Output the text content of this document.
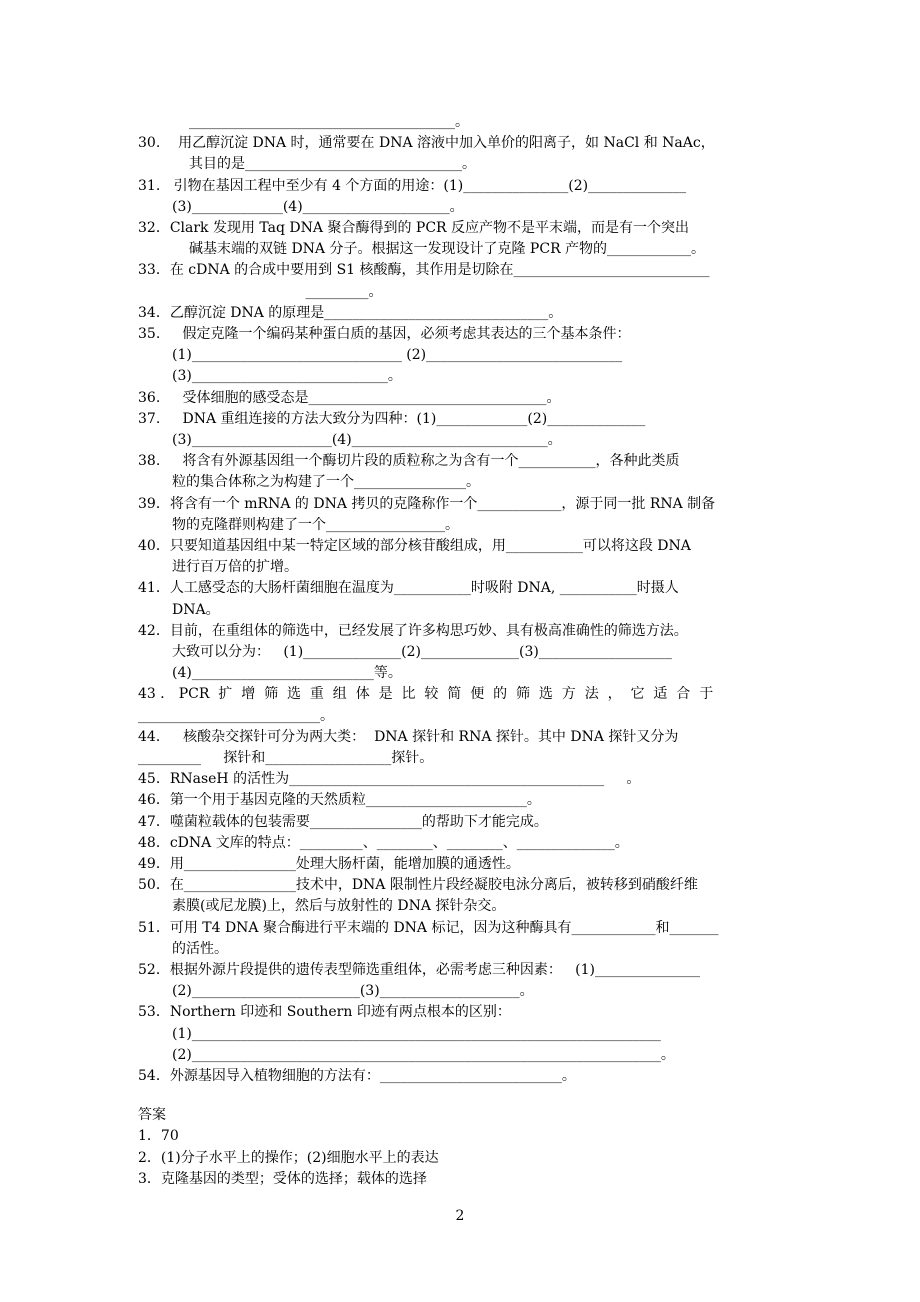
______________________________________。
30.    用乙醇沉淀 DNA 时，通常要在 DNA 溶液中加入单价的阳离子，如 NaCl 和 NaAc，
其目的是_______________________________。
31.   引物在基因工程中至少有 4 个方面的用途：(1)_______________(2)______________
(3)_____________(4)_____________________。
32．Clark 发现用 Taq DNA 聚合酶得到的 PCR 反应产物不是平末端，而是有一个突出
碱基末端的双链 DNA 分子。根据这一发现设计了克隆 PCR 产物的____________。
33．在 cDNA 的合成中要用到 S1 核酸酶，其作用是切除在____________________________
_________。
34．乙醇沉淀 DNA 的原理是________________________________。
35.     假定克隆一个编码某种蛋白质的基因，必须考虑其表达的三个基本条件：
(1)______________________________ (2)____________________________
(3)____________________________。
36.     受体细胞的感受态是__________________________________。
37.     DNA 重组连接的方法大致分为四种：(1)_____________(2)______________
(3)____________________(4)____________________________。
38.     将含有外源基因组一个酶切片段的质粒称之为含有一个___________，各种此类质
粒的集合体称之为构建了一个________________。
39．将含有一个 mRNA 的 DNA 拷贝的克隆称作一个____________，源于同一批 RNA 制备
物的克隆群则构建了一个_________________。
40．只要知道基因组中某一特定区域的部分核苷酸组成，用___________可以将这段 DNA
进行百万倍的扩增。
41．人工感受态的大肠杆菌细胞在温度为___________时吸附 DNA, ___________时摄人
DNA。
42．目前，在重组体的筛选中，已经发展了许多构思巧妙、具有极高准确性的筛选方法。
大致可以分为：   (1)______________(2)______________(3)___________________
(4)__________________________等。
43 ． PCR  扩  增  筛  选  重  组  体  是  比  较  简  便  的  筛  选  方  法  ，  它  适  合  于
__________________________。
44．   核酸杂交探针可分为两大类：  DNA 探针和 RNA 探针。其中 DNA 探针又分为
_________     探针和__________________探针。
45．RNaseH 的活性为_____________________________________________     。
46．第一个用于基因克隆的天然质粒_______________________。
47．噬菌粒载体的包装需要________________的帮助下才能完成。
48．cDNA 文库的特点：_________、________、________、______________。
49．用________________处理大肠杆菌，能增加膜的通透性。
50．在________________技术中，DNA 限制性片段经凝胶电泳分离后，被转移到硝酸纤维
素膜(或尼龙膜)上，然后与放射性的 DNA 探针杂交。
51．可用 T4 DNA 聚合酶进行平末端的 DNA 标记，因为这种酶具有____________和_______
的活性。
52．根据外源片段提供的遗传表型筛选重组体，必需考虑三种因素：   (1)_______________
(2)________________________(3)____________________。
53．Northern 印迹和 Southern 印迹有两点根本的区别：
(1)___________________________________________________________________
(2)___________________________________________________________________。
54．外源基因导入植物细胞的方法有：__________________________。
答案
1．70
2．(1)分子水平上的操作；(2)细胞水平上的表达
3．克隆基因的类型；受体的选择；载体的选择
2
